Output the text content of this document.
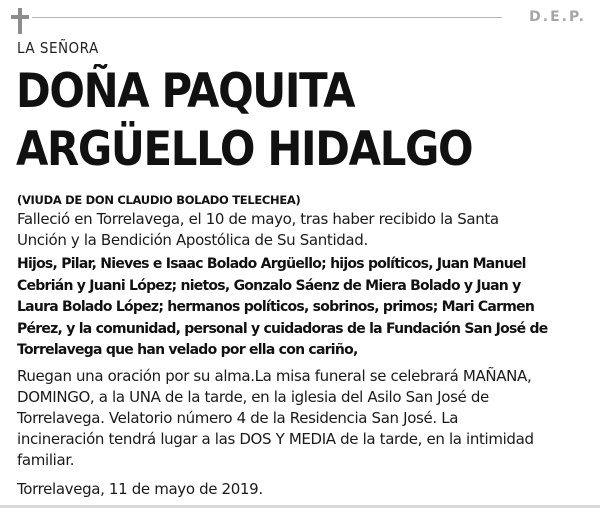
D.E.P.
LA SEÑORA
DOÑA PAQUITA
ARGÜELLO HIDALGO
(VIUDA DE DON CLAUDIO BOLADO TELECHEA)
Falleció en Torrelavega, el 10 de mayo, tras haber recibido la Santa
Unción y la Bendición Apostólica de Su Santidad.
Hijos, Pilar, Nieves e Isaac Bolado Argüello; hijos políticos, Juan Manuel
Cebrián y Juani López; nietos, Gonzalo Sáenz de Miera Bolado y Juan y
Laura Bolado López; hermanos políticos, sobrinos, primos; Mari Carmen
Pérez, y la comunidad, personal y cuidadoras de la Fundación San José de
Torrelavega que han velado por ella con cariño,
Ruegan una oración por su alma.La misa funeral se celebrará MAÑANA,
DOMINGO, a la UNA de la tarde, en la iglesia del Asilo San José de
Torrelavega. Velatorio número 4 de la Residencia San José. La
incineración tendrá lugar a las DOS Y MEDIA de la tarde, en la intimidad
familiar.
Torrelavega, 11 de mayo de 2019.
